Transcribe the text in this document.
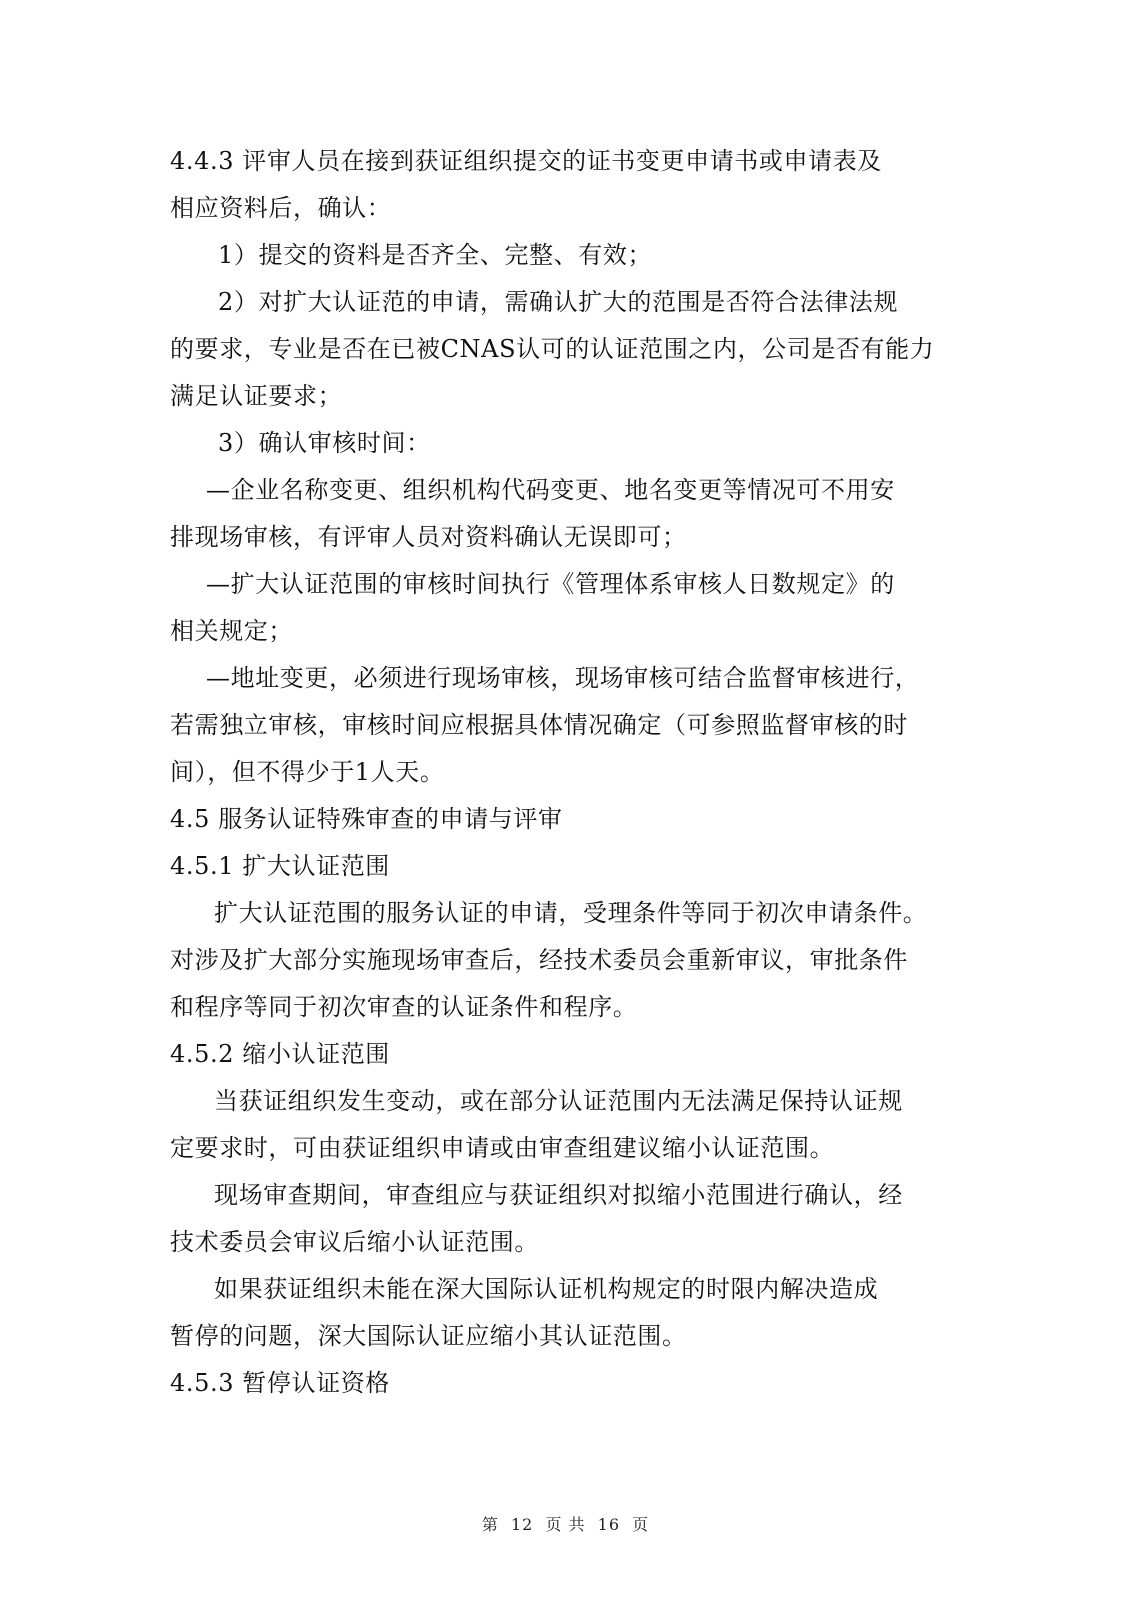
4.4.3 评审人员在接到获证组织提交的证书变更申请书或申请表及
相应资料后，确认：
1）提交的资料是否齐全、完整、有效；
2）对扩大认证范的申请，需确认扩大的范围是否符合法律法规
的要求，专业是否在已被CNAS认可的认证范围之内，公司是否有能力
满足认证要求；
3）确认审核时间：
—企业名称变更、组织机构代码变更、地名变更等情况可不用安
排现场审核，有评审人员对资料确认无误即可；
—扩大认证范围的审核时间执行《管理体系审核人日数规定》的
相关规定；
—地址变更，必须进行现场审核，现场审核可结合监督审核进行，
若需独立审核，审核时间应根据具体情况确定（可参照监督审核的时
间），但不得少于1人天。
4.5 服务认证特殊审查的申请与评审
4.5.1 扩大认证范围
扩大认证范围的服务认证的申请，受理条件等同于初次申请条件。
对涉及扩大部分实施现场审查后，经技术委员会重新审议，审批条件
和程序等同于初次审查的认证条件和程序。
4.5.2 缩小认证范围
当获证组织发生变动，或在部分认证范围内无法满足保持认证规
定要求时，可由获证组织申请或由审查组建议缩小认证范围。
现场审查期间，审查组应与获证组织对拟缩小范围进行确认，经
技术委员会审议后缩小认证范围。
如果获证组织未能在深大国际认证机构规定的时限内解决造成
暂停的问题，深大国际认证应缩小其认证范围。
4.5.3 暂停认证资格
第 12 页 共 16 页
